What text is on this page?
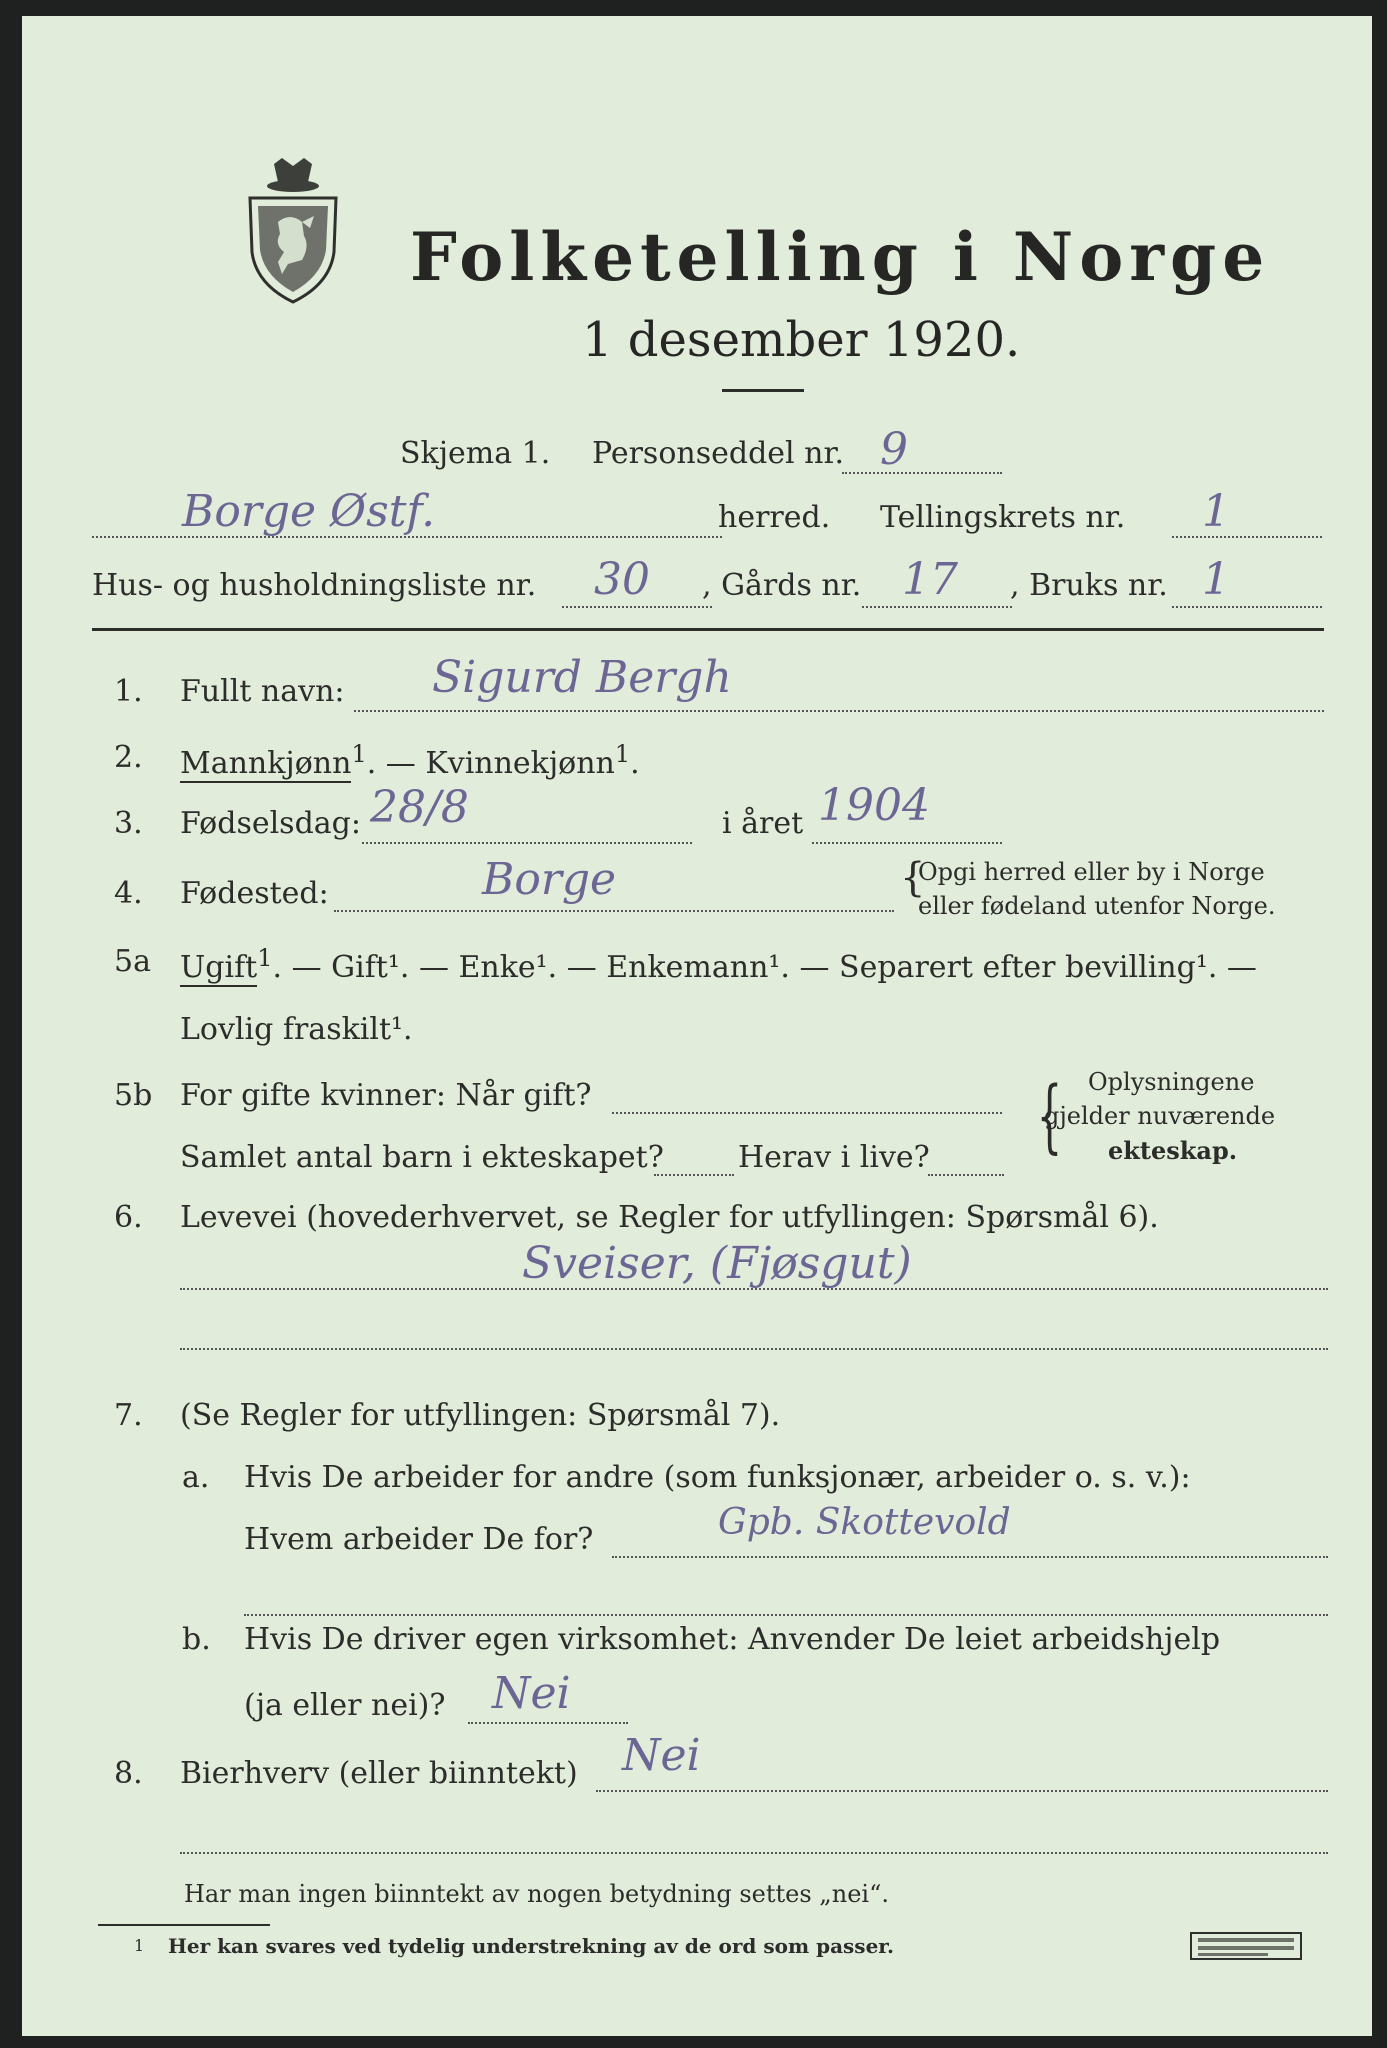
Folketelling i Norge
1 desember 1920.
Skjema 1. Personseddel nr. 9
Borge Østf.	herred. Tellingskrets nr. 1
Hus- og husholdningsliste nr. 30 , Gårds nr. 17 , Bruks nr. 1
1. Fullt navn: Sigurd Bergh
2. Mannkjønn$^1$. — Kvinnekjønn$^1$.
3. Fødselsdag: 28/8	i året 1904
4. Fødested:	Borge	{
Opgi herred eller by i Norge
eller fødeland utenfor Norge.
5a Ugift$^1$. — Gift¹. — Enke¹. — Enkemann¹. — Separert efter bevilling¹. —
Lovlig fraskilt¹.
5b For gifte kvinner: Når gift?
Samlet antal barn i ekteskapet? Herav i live? { Oplysningene
gjelder nuværende
ekteskap.
6. Levevei (hovederhvervet, se Regler for utfyllingen: Spørsmål 6).
Sveiser, (Fjøsgut)
7. (Se Regler for utfyllingen: Spørsmål 7).
a. Hvis De arbeider for andre (som funksjonær, arbeider o. s. v.):
Hvem arbeider De for?	Gpb. Skottevold
b. Hvis De driver egen virksomhet: Anvender De leiet arbeidshjelp
(ja eller nei)? Nei
8. Bierhverv (eller biinntekt) Nei
Har man ingen biinntekt av nogen betydning settes „nei“.
1 Her kan svares ved tydelig understrekning av de ord som passer.
